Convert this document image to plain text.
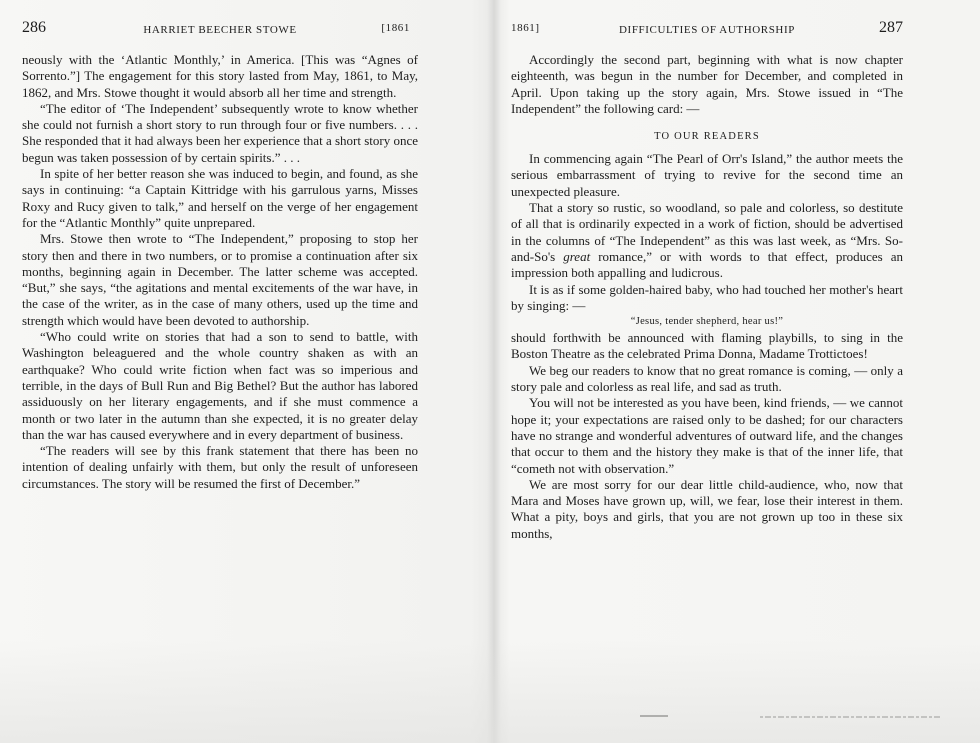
286	HARRIET BEECHER STOWE	[1861

neously with the ‘Atlantic Monthly,’ in America. [This was “Agnes of Sorrento.”] The engagement for this story lasted from May, 1861, to May, 1862, and Mrs. Stowe thought it would absorb all her time and strength.

“The editor of ‘The Independent’ subsequently wrote to know whether she could not furnish a short story to run through four or five numbers. . . . She responded that it had always been her experience that a short story once begun was taken possession of by certain spirits.” . . .

In spite of her better reason she was induced to begin, and found, as she says in continuing: “a Captain Kittridge with his garrulous yarns, Misses Roxy and Rucy given to talk,” and herself on the verge of her engagement for the “Atlantic Monthly” quite unprepared.

Mrs. Stowe then wrote to “The Independent,” proposing to stop her story then and there in two numbers, or to promise a continuation after six months, beginning again in December. The latter scheme was accepted. “But,” she says, “the agitations and mental excitements of the war have, in the case of the writer, as in the case of many others, used up the time and strength which would have been devoted to authorship.

“Who could write on stories that had a son to send to battle, with Washington beleaguered and the whole country shaken as with an earthquake? Who could write fiction when fact was so imperious and terrible, in the days of Bull Run and Big Bethel? But the author has labored assiduously on her literary engagements, and if she must commence a month or two later in the autumn than she expected, it is no greater delay than the war has caused everywhere and in every department of business.

“The readers will see by this frank statement that there has been no intention of dealing unfairly with them, but only the result of unforeseen circumstances. The story will be resumed the first of December.”

1861]	DIFFICULTIES OF AUTHORSHIP	287

Accordingly the second part, beginning with what is now chapter eighteenth, was begun in the number for December, and completed in April. Upon taking up the story again, Mrs. Stowe issued in “The Independent” the following card: —

TO OUR READERS

In commencing again “The Pearl of Orr's Island,” the author meets the serious embarrassment of trying to revive for the second time an unexpected pleasure.

That a story so rustic, so woodland, so pale and colorless, so destitute of all that is ordinarily expected in a work of fiction, should be advertised in the columns of “The Independent” as this was last week, as “Mrs. So-and-So's great romance,” or with words to that effect, produces an impression both appalling and ludicrous.

It is as if some golden-haired baby, who had touched her mother's heart by singing: —

“Jesus, tender shepherd, hear us!”

should forthwith be announced with flaming playbills, to sing in the Boston Theatre as the celebrated Prima Donna, Madame Trottictoes!

We beg our readers to know that no great romance is coming, — only a story pale and colorless as real life, and sad as truth.

You will not be interested as you have been, kind friends, — we cannot hope it; your expectations are raised only to be dashed; for our characters have no strange and wonderful adventures of outward life, and the changes that occur to them and the history they make is that of the inner life, that “cometh not with observation.”

We are most sorry for our dear little child-audience, who, now that Mara and Moses have grown up, will, we fear, lose their interest in them. What a pity, boys and girls, that you are not grown up too in these six months,
